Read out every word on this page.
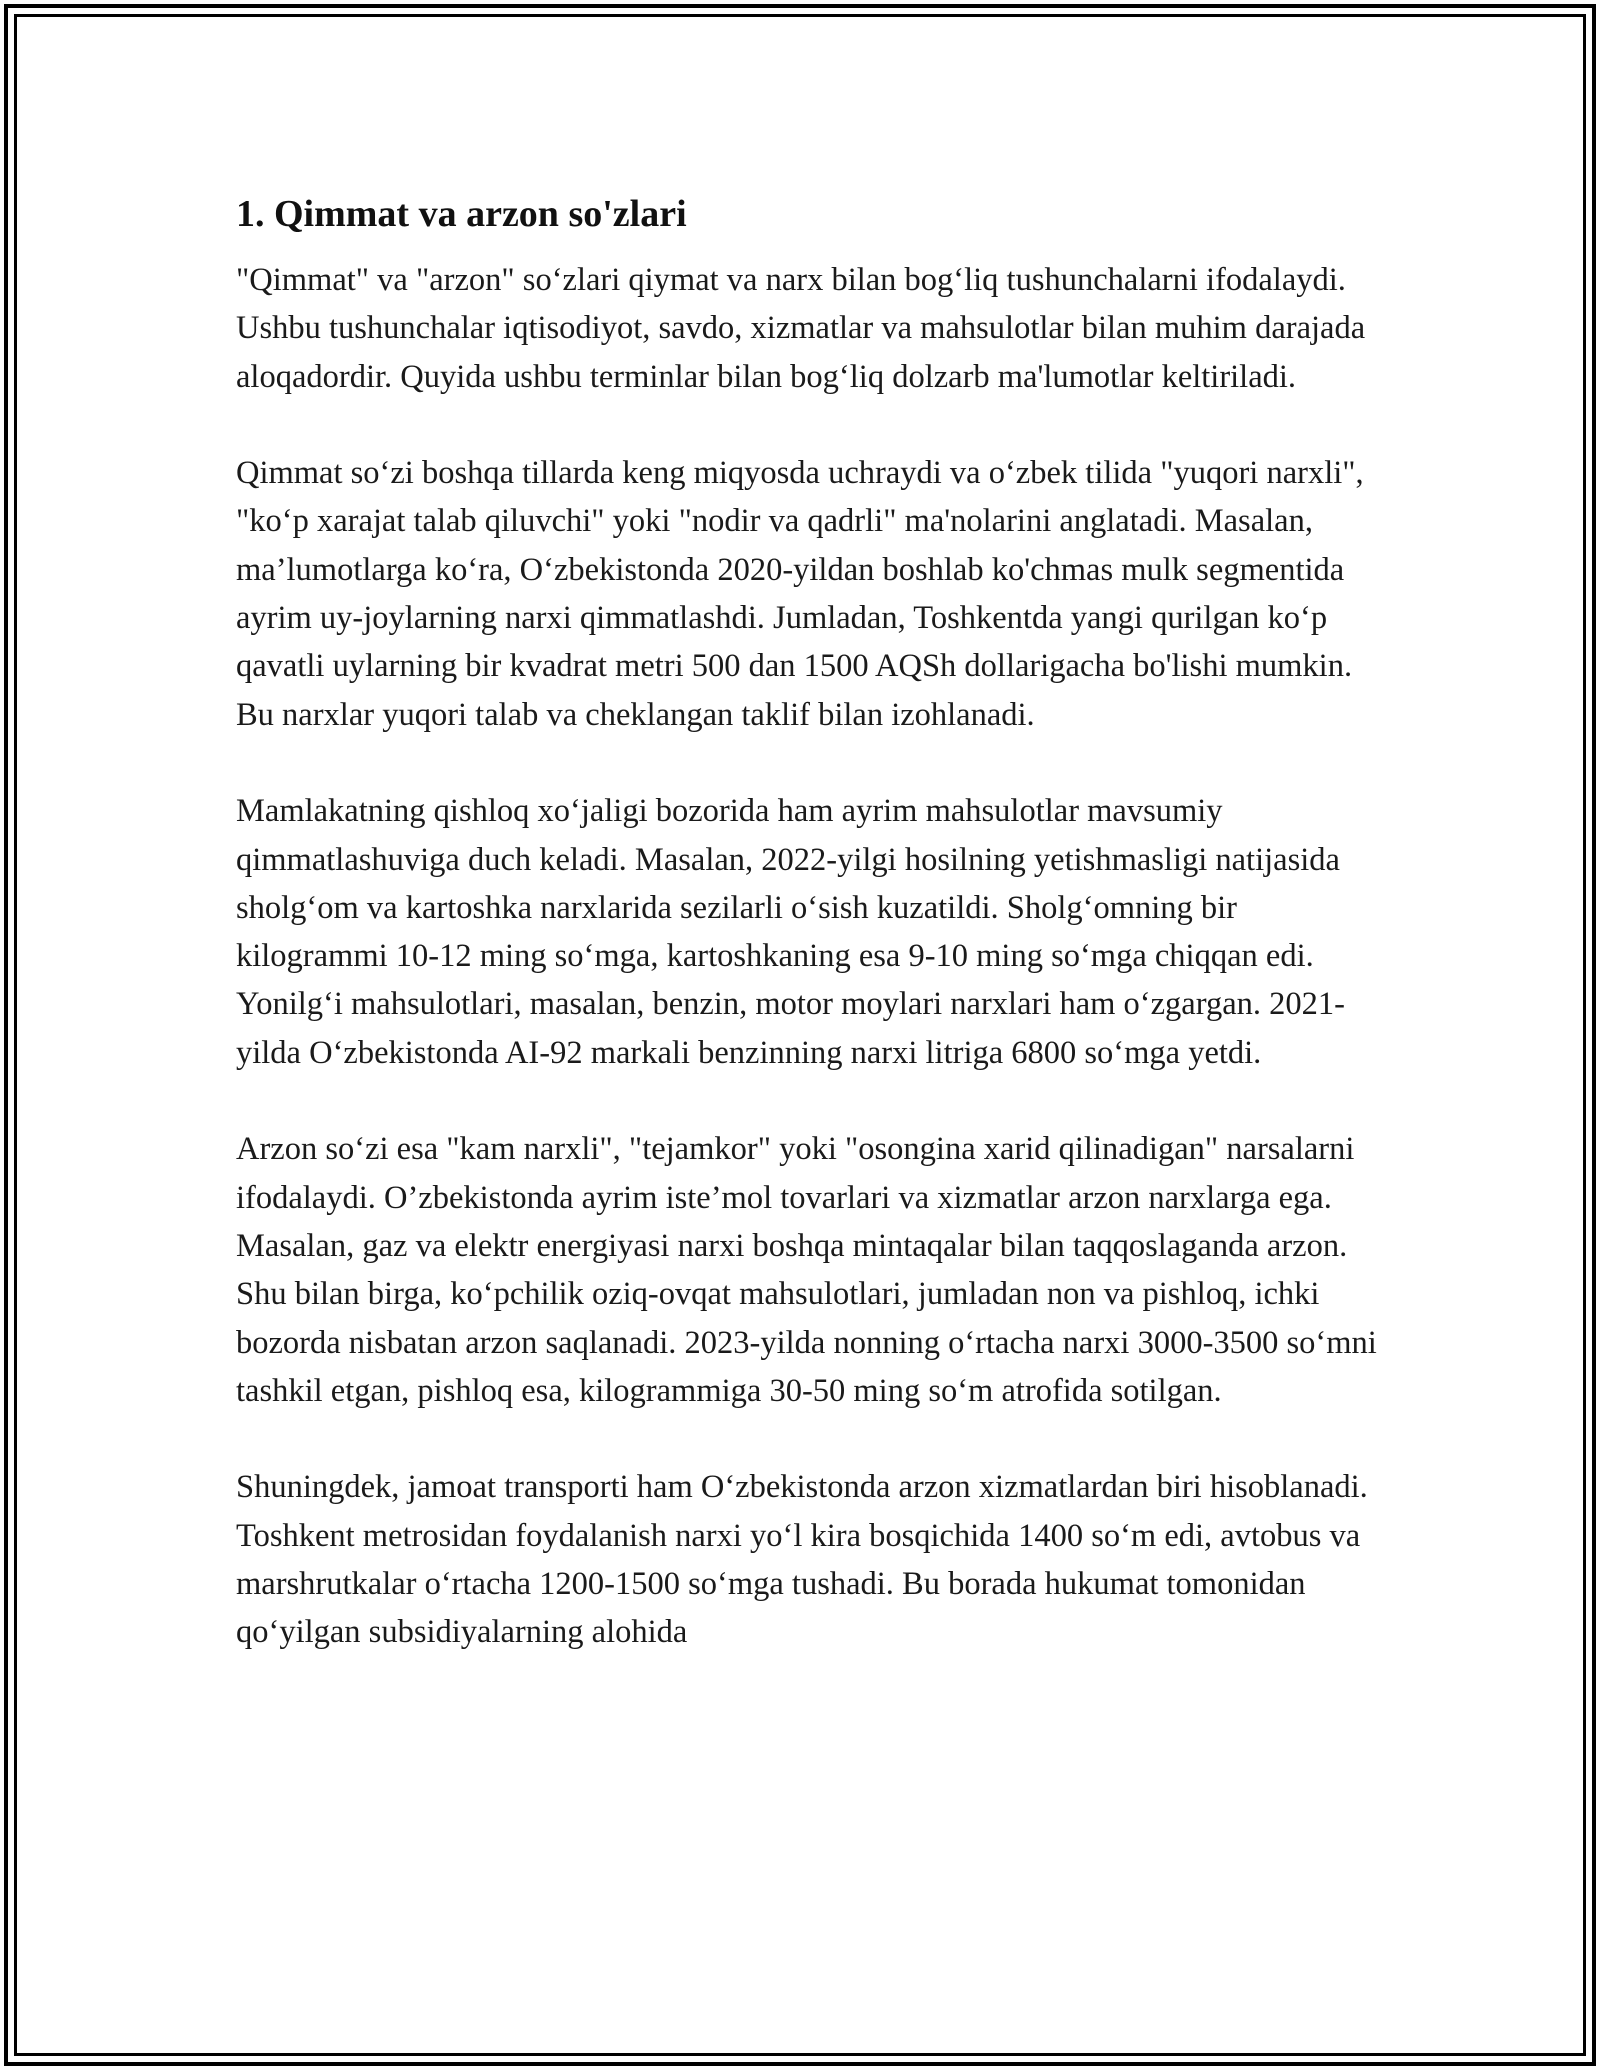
1. Qimmat va arzon so'zlari

"Qimmat" va "arzon" so‘zlari qiymat va narx bilan bog‘liq tushunchalarni ifodalaydi. Ushbu tushunchalar iqtisodiyot, savdo, xizmatlar va mahsulotlar bilan muhim darajada aloqadordir. Quyida ushbu terminlar bilan bog‘liq dolzarb ma'lumotlar keltiriladi.

Qimmat so‘zi boshqa tillarda keng miqyosda uchraydi va o‘zbek tilida "yuqori narxli", "ko‘p xarajat talab qiluvchi" yoki "nodir va qadrli" ma'nolarini anglatadi. Masalan, ma’lumotlarga ko‘ra, O‘zbekistonda 2020-yildan boshlab ko'chmas mulk segmentida ayrim uy-joylarning narxi qimmatlashdi. Jumladan, Toshkentda yangi qurilgan ko‘p qavatli uylarning bir kvadrat metri 500 dan 1500 AQSh dollarigacha bo'lishi mumkin. Bu narxlar yuqori talab va cheklangan taklif bilan izohlanadi.

Mamlakatning qishloq xo‘jaligi bozorida ham ayrim mahsulotlar mavsumiy qimmatlashuviga duch keladi. Masalan, 2022-yilgi hosilning yetishmasligi natijasida sholg‘om va kartoshka narxlarida sezilarli o‘sish kuzatildi. Sholg‘omning bir kilogrammi 10-12 ming so‘mga, kartoshkaning esa 9-10 ming so‘mga chiqqan edi. Yonilg‘i mahsulotlari, masalan, benzin, motor moylari narxlari ham o‘zgargan. 2021-yilda O‘zbekistonda AI-92 markali benzinning narxi litriga 6800 so‘mga yetdi.

Arzon so‘zi esa "kam narxli", "tejamkor" yoki "osongina xarid qilinadigan" narsalarni ifodalaydi. O’zbekistonda ayrim iste’mol tovarlari va xizmatlar arzon narxlarga ega. Masalan, gaz va elektr energiyasi narxi boshqa mintaqalar bilan taqqoslaganda arzon. Shu bilan birga, ko‘pchilik oziq-ovqat mahsulotlari, jumladan non va pishloq, ichki bozorda nisbatan arzon saqlanadi. 2023-yilda nonning o‘rtacha narxi 3000-3500 so‘mni tashkil etgan, pishloq esa, kilogrammiga 30-50 ming so‘m atrofida sotilgan.

Shuningdek, jamoat transporti ham O‘zbekistonda arzon xizmatlardan biri hisoblanadi. Toshkent metrosidan foydalanish narxi yo‘l kira bosqichida 1400 so‘m edi, avtobus va marshrutkalar o‘rtacha 1200-1500 so‘mga tushadi. Bu borada hukumat tomonidan qo‘yilgan subsidiyalarning alohida
